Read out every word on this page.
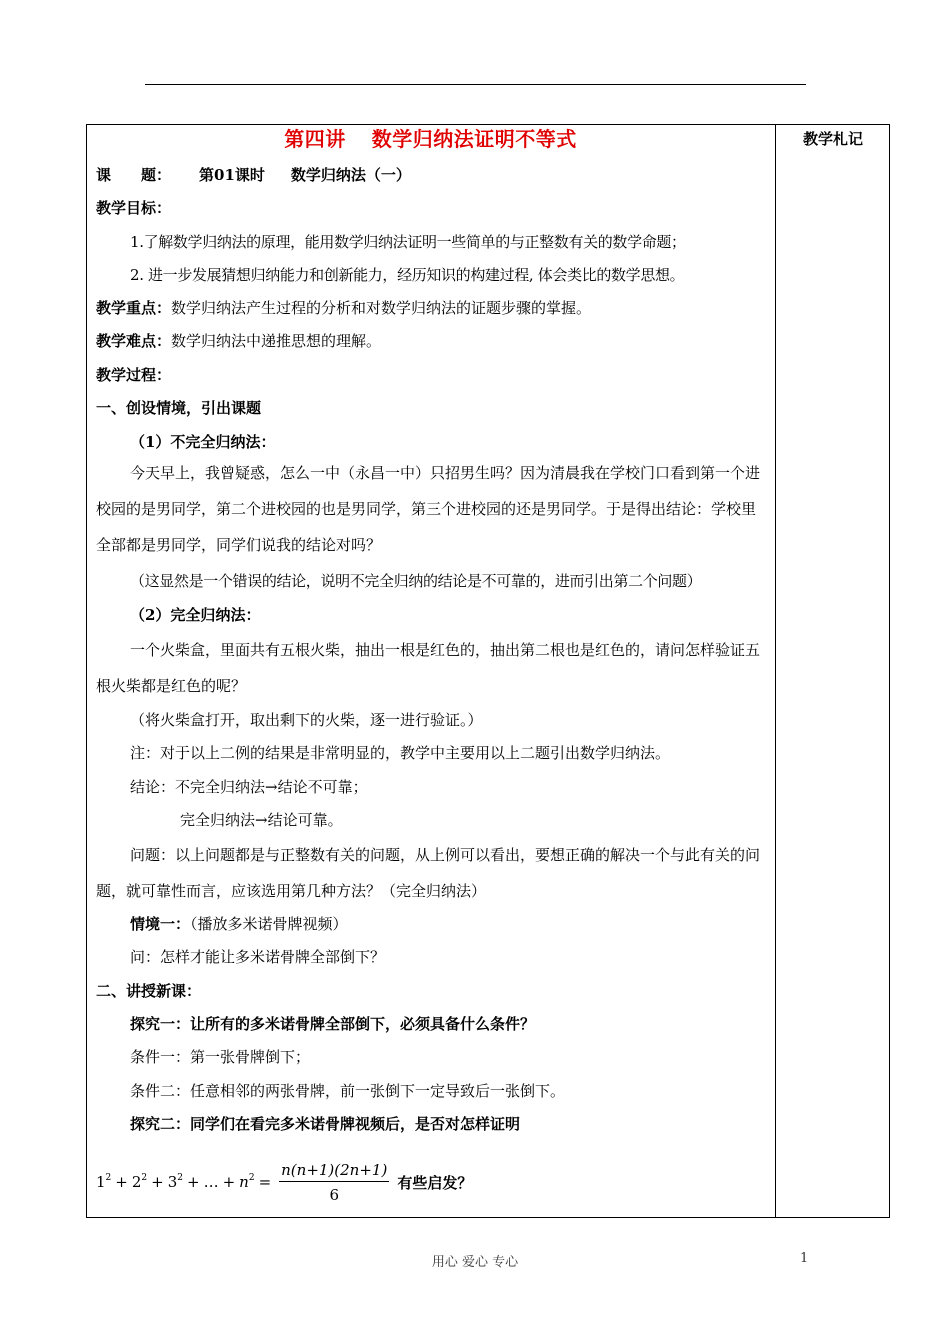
教学札记
第四讲 数学归纳法证明不等式
课　　题： 第01课时 数学归纳法（一）
教学目标：
1.了解数学归纳法的原理，能用数学归纳法证明一些简单的与正整数有关的数学命题；
2. 进一步发展猜想归纳能力和创新能力，经历知识的构建过程, 体会类比的数学思想。
教学重点：数学归纳法产生过程的分析和对数学归纳法的证题步骤的掌握。
教学难点：数学归纳法中递推思想的理解。
教学过程：
一、创设情境，引出课题
（1）不完全归纳法：
今天早上，我曾疑惑，怎么一中（永昌一中）只招男生吗？因为清晨我在学校门口看到第一个进校园的是男同学，第二个进校园的也是男同学，第三个进校园的还是男同学。于是得出结论：学校里全部都是男同学，同学们说我的结论对吗？
（这显然是一个错误的结论，说明不完全归纳的结论是不可靠的，进而引出第二个问题）
（2）完全归纳法：
一个火柴盒，里面共有五根火柴，抽出一根是红色的，抽出第二根也是红色的，请问怎样验证五根火柴都是红色的呢？
（将火柴盒打开，取出剩下的火柴，逐一进行验证。）
注：对于以上二例的结果是非常明显的，教学中主要用以上二题引出数学归纳法。
结论：不完全归纳法→结论不可靠；
完全归纳法→结论可靠。
问题：以上问题都是与正整数有关的问题，从上例可以看出，要想正确的解决一个与此有关的问题，就可靠性而言，应该选用第几种方法？（完全归纳法）
情境一：（播放多米诺骨牌视频）
问：怎样才能让多米诺骨牌全部倒下？
二、讲授新课：
探究一：让所有的多米诺骨牌全部倒下，必须具备什么条件？
条件一：第一张骨牌倒下；
条件二：任意相邻的两张骨牌，前一张倒下一定导致后一张倒下。
探究二：同学们在看完多米诺骨牌视频后，是否对怎样证明
$1^2 + 2^2 + 3^2$ + … + $n^2 = \frac{n(n+1)(2n+1)}{6}$ 有些启发？
用心 爱心 专心	1
